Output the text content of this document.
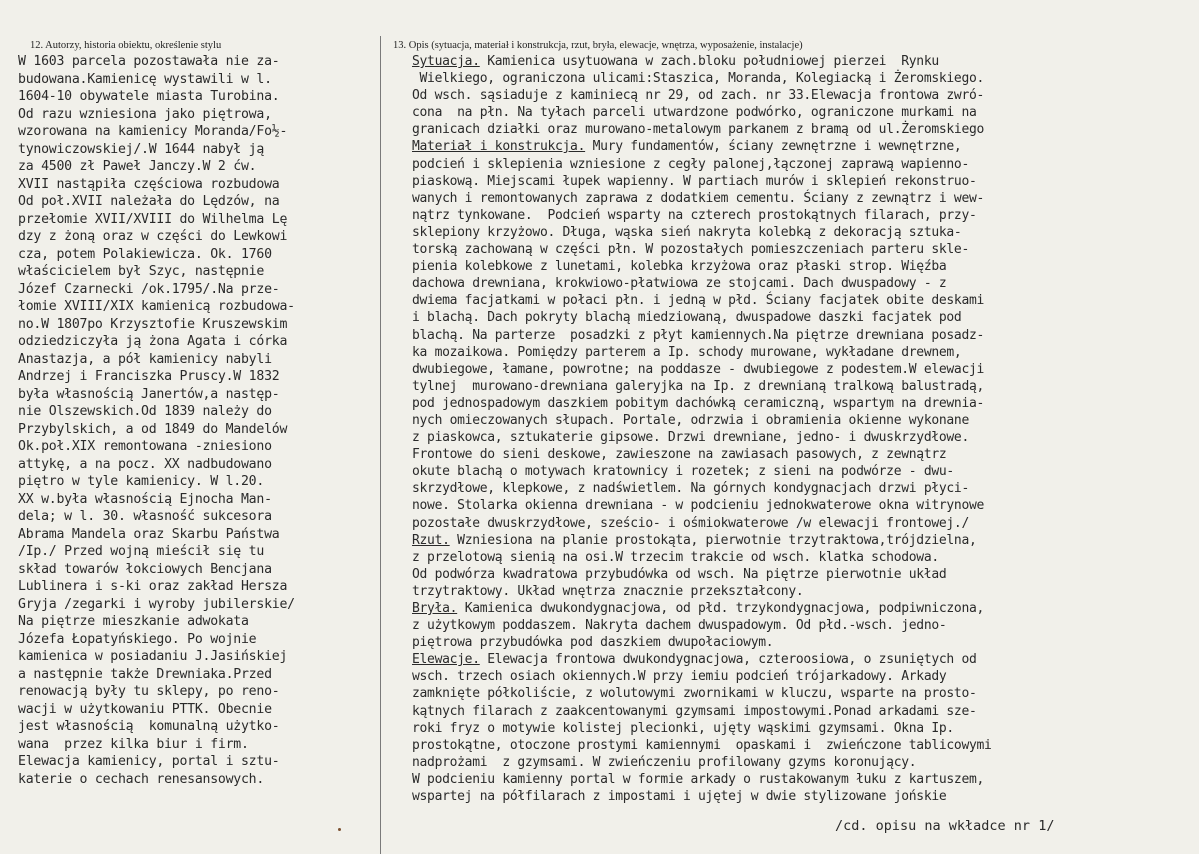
12. Autorzy, historia obiektu, określenie stylu	13. Opis (sytuacja, materiał i konstrukcja, rzut, bryła, elewacje, wnętrza, wyposażenie, instalacje)
W 1603 parcela pozostawała nie za-
budowana.Kamienicę wystawili w l.
1604-10 obywatele miasta Turobina.
Od razu wzniesiona jako piętrowa,
wzorowana na kamienicy Moranda/Fo½-
tynowiczowskiej/.W 1644 nabył ją
za 4500 zł Paweł Janczy.W 2 ćw.
XVII nastąpiła częściowa rozbudowa
Od poł.XVII należała do Lędzów, na
przełomie XVII/XVIII do Wilhelma Lę
dzy z żoną oraz w części do Lewkowi
cza, potem Polakiewicza. Ok. 1760
właścicielem był Szyc, następnie
Józef Czarnecki /ok.1795/.Na prze-
łomie XVIII/XIX kamienicą rozbudowa-
no.W 1807po Krzysztofie Kruszewskim
odziedziczyła ją żona Agata i córka
Anastazja, a pół kamienicy nabyli
Andrzej i Franciszka Pruscy.W 1832
była własnością Janertów,a następ-
nie Olszewskich.Od 1839 należy do
Przybylskich, a od 1849 do Mandelów
Ok.poł.XIX remontowana -zniesiono
attykę, a na pocz. XX nadbudowano
piętro w tyle kamienicy. W l.20.
XX w.była własnością Ejnocha Man-
dela; w l. 30. własność sukcesora
Abrama Mandela oraz Skarbu Państwa
/Ip./ Przed wojną mieścił się tu
skład towarów łokciowych Bencjana
Lublinera i s-ki oraz zakład Hersza
Gryja /zegarki i wyroby jubilerskie/
Na piętrze mieszkanie adwokata
Józefa Łopatyńskiego. Po wojnie
kamienica w posiadaniu J.Jasińskiej
a następnie także Drewniaka.Przed
renowacją były tu sklepy, po reno-
wacji w użytkowaniu PTTK. Obecnie
jest własnością  komunalną użytko-
wana  przez kilka biur i firm.
Elewacja kamienicy, portal i sztu-
katerie o cechach renesansowych.
Sytuacja. Kamienica usytuowana w zach.bloku południowej pierzei  Rynku
Wielkiego, ograniczona ulicami:Staszica, Moranda, Kolegiacką i Żeromskiego.
Od wsch. sąsiaduje z kaminiecą nr 29, od zach. nr 33.Elewacja frontowa zwró-
cona  na płn. Na tyłach parceli utwardzone podwórko, ograniczone murkami na
granicach działki oraz murowano-metalowym parkanem z bramą od ul.Żeromskiego
Materiał i konstrukcja. Mury fundamentów, ściany zewnętrzne i wewnętrzne,
podcień i sklepienia wzniesione z cegły palonej,łączonej zaprawą wapienno-
piaskową. Miejscami łupek wapienny. W partiach murów i sklepień rekonstruo-
wanych i remontowanych zaprawa z dodatkiem cementu. Ściany z zewnątrz i wew-
nątrz tynkowane.  Podcień wsparty na czterech prostokątnych filarach, przy-
sklepiony krzyżowo. Długa, wąska sień nakryta kolebką z dekoracją sztuka-
torską zachowaną w części płn. W pozostałych pomieszczeniach parteru skle-
pienia kolebkowe z lunetami, kolebka krzyżowa oraz płaski strop. Więźba
dachowa drewniana, krokwiowo-płatwiowa ze stojcami. Dach dwuspadowy - z
dwiema facjatkami w połaci płn. i jedną w płd. Ściany facjatek obite deskami
i blachą. Dach pokryty blachą miedziowaną, dwuspadowe daszki facjatek pod
blachą. Na parterze  posadzki z płyt kamiennych.Na piętrze drewniana posadz-
ka mozaikowa. Pomiędzy parterem a Ip. schody murowane, wykładane drewnem,
dwubiegowe, łamane, powrotne; na poddasze - dwubiegowe z podestem.W elewacji
tylnej  murowano-drewniana galeryjka na Ip. z drewnianą tralkową balustradą,
pod jednospadowym daszkiem pobitym dachówką ceramiczną, wspartym na drewnia-
nych omieczowanych słupach. Portale, odrzwia i obramienia okienne wykonane
z piaskowca, sztukaterie gipsowe. Drzwi drewniane, jedno- i dwuskrzydłowe.
Frontowe do sieni deskowe, zawieszone na zawiasach pasowych, z zewnątrz
okute blachą o motywach kratownicy i rozetek; z sieni na podwórze - dwu-
skrzydłowe, klepkowe, z nadświetlem. Na górnych kondygnacjach drzwi płyci-
nowe. Stolarka okienna drewniana - w podcieniu jednokwaterowe okna witrynowe
pozostałe dwuskrzydłowe, sześcio- i ośmiokwaterowe /w elewacji frontowej./
Rzut. Wzniesiona na planie prostokąta, pierwotnie trzytraktowa,trójdzielna,
z przelotową sienią na osi.W trzecim trakcie od wsch. klatka schodowa.
Od podwórza kwadratowa przybudówka od wsch. Na piętrze pierwotnie układ
trzytraktowy. Układ wnętrza znacznie przekształcony.
Bryła. Kamienica dwukondygnacjowa, od płd. trzykondygnacjowa, podpiwniczona,
z użytkowym poddaszem. Nakryta dachem dwuspadowym. Od płd.-wsch. jedno-
piętrowa przybudówka pod daszkiem dwupołaciowym.
Elewacje. Elewacja frontowa dwukondygnacjowa, czteroosiowa, o zsuniętych od
wsch. trzech osiach okiennych.W przy iemiu podcień trójarkadowy. Arkady
zamknięte półkoliście, z wolutowymi zwornikami w kluczu, wsparte na prosto-
kątnych filarach z zaakcentowanymi gzymsami impostowymi.Ponad arkadami sze-
roki fryz o motywie kolistej plecionki, ujęty wąskimi gzymsami. Okna Ip.
prostokątne, otoczone prostymi kamiennymi  opaskami i  zwieńczone tablicowymi
nadprożami  z gzymsami. W zwieńczeniu profilowany gzyms koronujący.
W podcieniu kamienny portal w formie arkady o rustakowanym łuku z kartuszem,
wspartej na półfilarach z impostami i ujętej w dwie stylizowane jońskie
/cd. opisu na wkładce nr 1/
